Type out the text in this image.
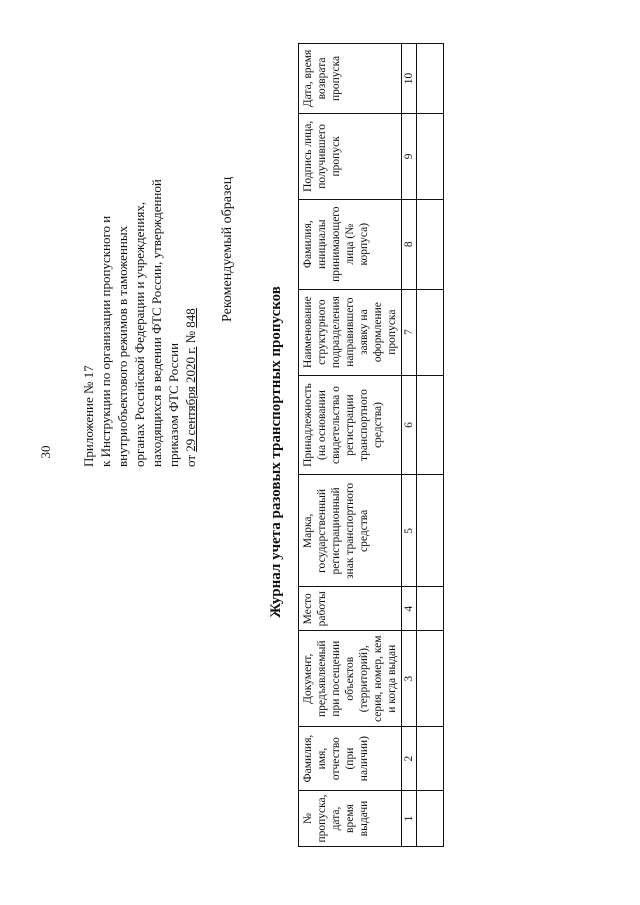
30 Приложение № 17 к Инструкции по организации пропускного и внутриобъектового режимов в таможенных органах Российской Федерации и учреждениях, находящихся в ведении ФТС России, утвержденной приказом ФТС России от 29 сентября 2020 г. № 848 Рекомендуемый образец
Журнал учета разовых транспортных пропусков
№ пропуска, дата, время выдачи	Фамилия, имя, отчество (при наличии)	Документ, предъявляемый при посещении объектов (территорий), серия, номер, кем и когда выдан	Место работы	Марка, государственный регистрационный знак транспортного средства	Принадлежность (на основании свидетельства о регистрации транспортного средства)	Наименование структурного подразделения направившего заявку на оформление пропуска	Фамилия, инициалы принимающего лица (№ корпуса)	Подпись лица, получившего пропуск	Дата, время возврата пропуска
1	2	3	4	5	6	7	8	9	10
